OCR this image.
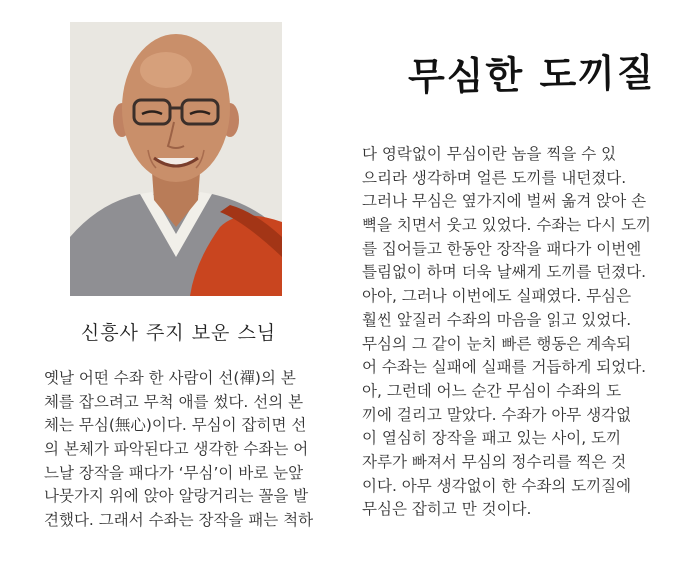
신흥사 주지 보운 스님
무심한 도끼질
옛날 어떤 수좌 한 사람이 선(禪)의 본
체를 잡으려고 무척 애를 썼다. 선의 본
체는 무심(無心)이다. 무심이 잡히면 선
의 본체가 파악된다고 생각한 수좌는 어
느날 장작을 패다가 ‘무심’이 바로 눈앞
나뭇가지 위에 앉아 알랑거리는 꼴을 발
견했다. 그래서 수좌는 장작을 패는 척하
다 영락없이 무심이란 놈을 찍을 수 있
으리라 생각하며 얼른 도끼를 내던졌다.
그러나 무심은 옆가지에 벌써 옮겨 앉아 손
뼉을 치면서 웃고 있었다. 수좌는 다시 도끼
를 집어들고 한동안 장작을 패다가 이번엔
틀림없이 하며 더욱 날쌔게 도끼를 던졌다.
아아, 그러나 이번에도 실패였다. 무심은
훨씬 앞질러 수좌의 마음을 읽고 있었다.
무심의 그 같이 눈치 빠른 행동은 계속되
어 수좌는 실패에 실패를 거듭하게 되었다.
아, 그런데 어느 순간 무심이 수좌의 도
끼에 걸리고 말았다. 수좌가 아무 생각없
이 열심히 장작을 패고 있는 사이, 도끼
자루가 빠져서 무심의 정수리를 찍은 것
이다. 아무 생각없이 한 수좌의 도끼질에
무심은 잡히고 만 것이다.
